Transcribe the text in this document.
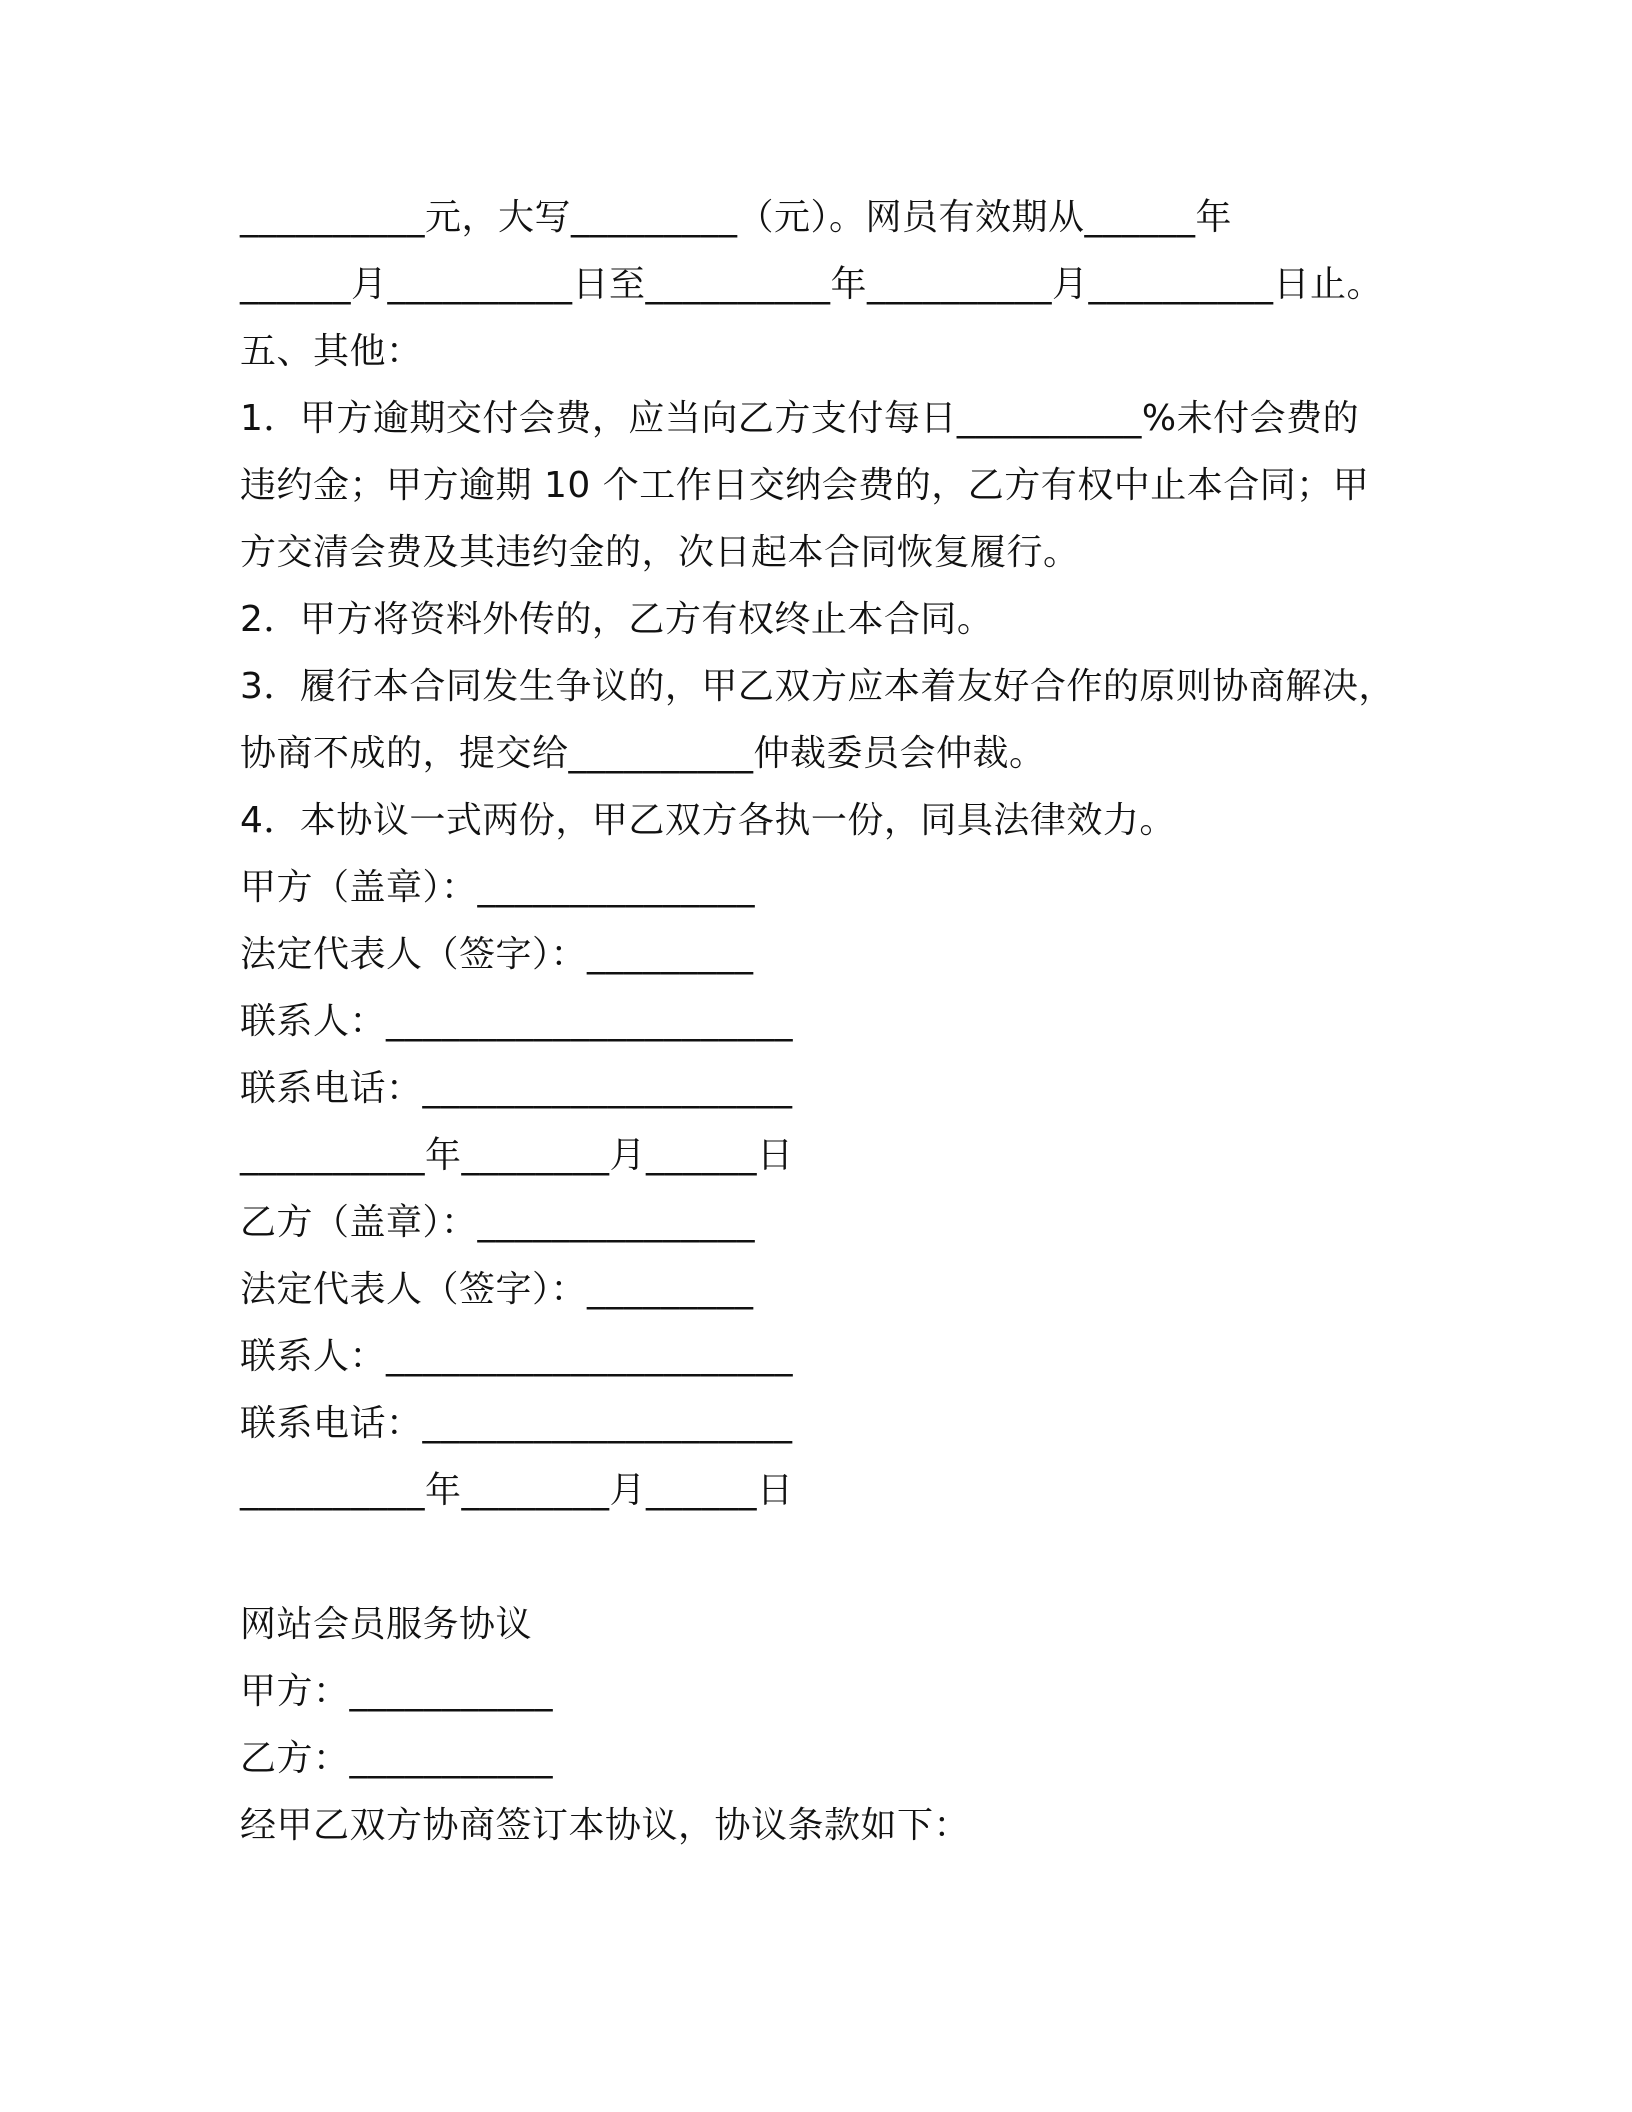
__________元，大写_________（元）。网员有效期从______年
______月__________日至__________年__________月__________日止。
五、其他：
1．甲方逾期交付会费，应当向乙方支付每日__________%未付会费的
违约金；甲方逾期 10 个工作日交纳会费的，乙方有权中止本合同；甲
方交清会费及其违约金的，次日起本合同恢复履行。
2．甲方将资料外传的，乙方有权终止本合同。
3．履行本合同发生争议的，甲乙双方应本着友好合作的原则协商解决，
协商不成的，提交给__________仲裁委员会仲裁。
4．本协议一式两份，甲乙双方各执一份，同具法律效力。
甲方（盖章）：_______________
法定代表人（签字）：_________
联系人：______________________
联系电话：____________________
__________年________月______日
乙方（盖章）：_______________
法定代表人（签字）：_________
联系人：______________________
联系电话：____________________
__________年________月______日
网站会员服务协议
甲方：___________
乙方：___________
经甲乙双方协商签订本协议，协议条款如下：
